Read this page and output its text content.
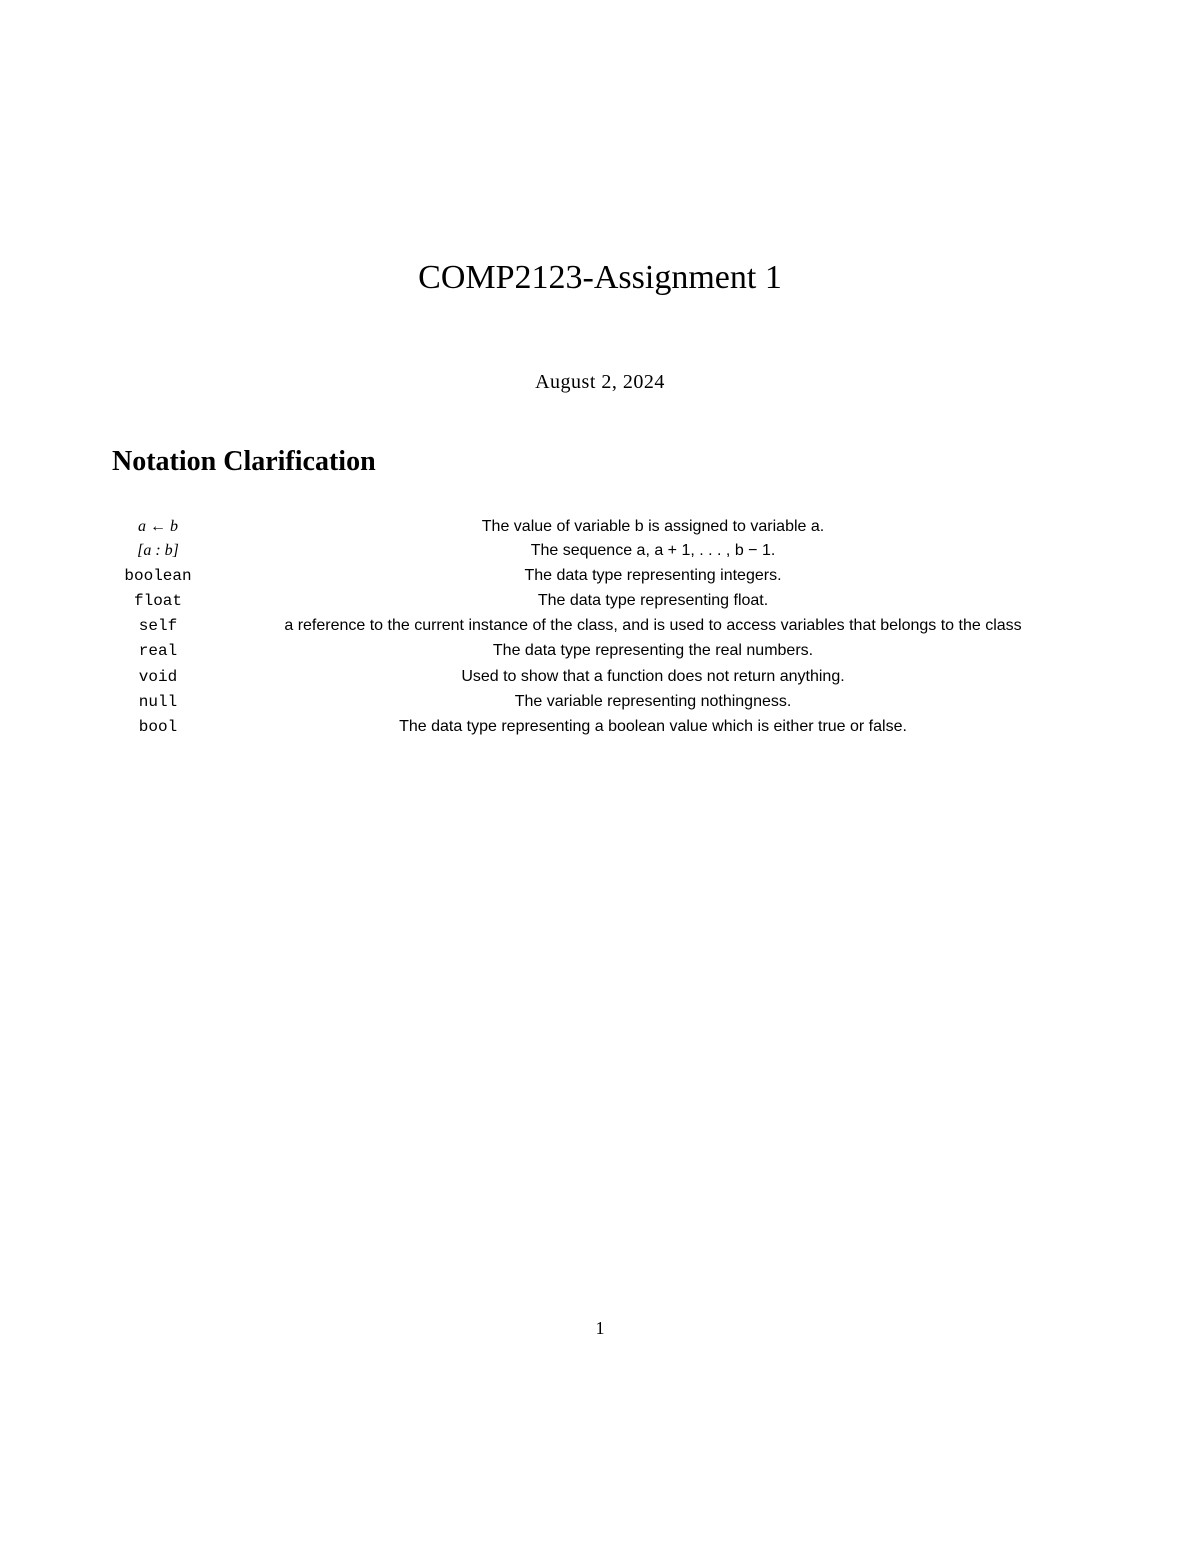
COMP2123-Assignment 1
August 2, 2024
Notation Clarification
a ← b	The value of variable b is assigned to variable a.
[a : b]	The sequence a, a + 1, . . . , b − 1.
boolean	The data type representing integers.
float	The data type representing float.
self	a reference to the current instance of the class, and is used to access variables that belongs to the class
real	The data type representing the real numbers.
void	Used to show that a function does not return anything.
null	The variable representing nothingness.
bool	The data type representing a boolean value which is either true or false.
1
